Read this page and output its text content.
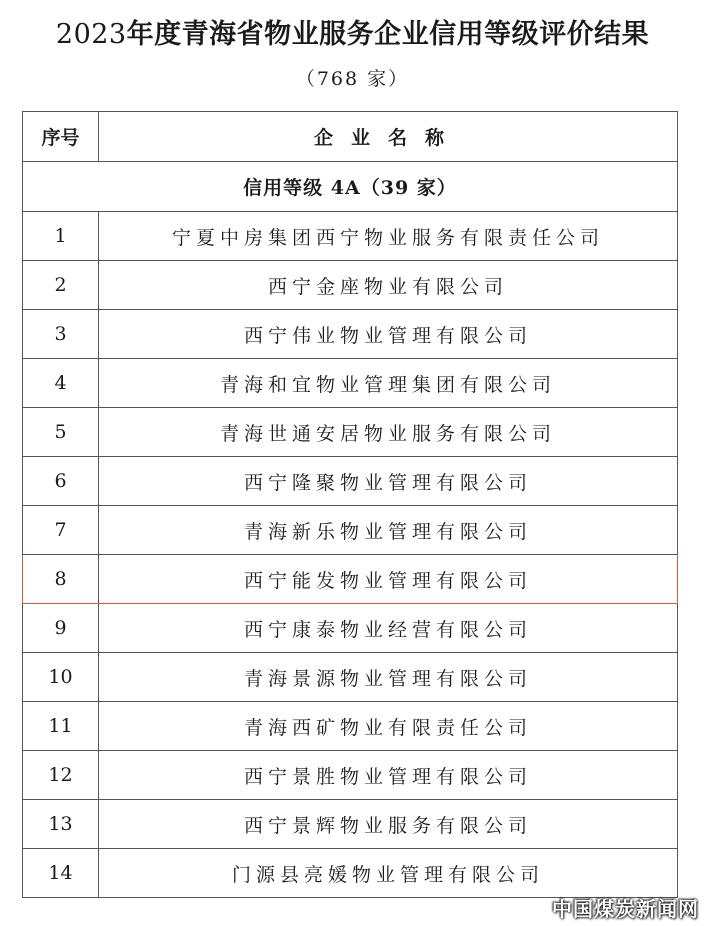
2023年度青海省物业服务企业信用等级评价结果
（768 家）
序号	企业名称
信用等级 4A（39 家）	
1	宁夏中房集团西宁物业服务有限责任公司
2	西宁金座物业有限公司
3	西宁伟业物业管理有限公司
4	青海和宜物业管理集团有限公司
5	青海世通安居物业服务有限公司
6	西宁隆聚物业管理有限公司
7	青海新乐物业管理有限公司
8	西宁能发物业管理有限公司
9	西宁康泰物业经营有限公司
10	青海景源物业管理有限公司
11	青海西矿物业有限责任公司
12	西宁景胜物业管理有限公司
13	西宁景辉物业服务有限公司
14	门源县亮媛物业管理有限公司
中国煤炭新闻网
